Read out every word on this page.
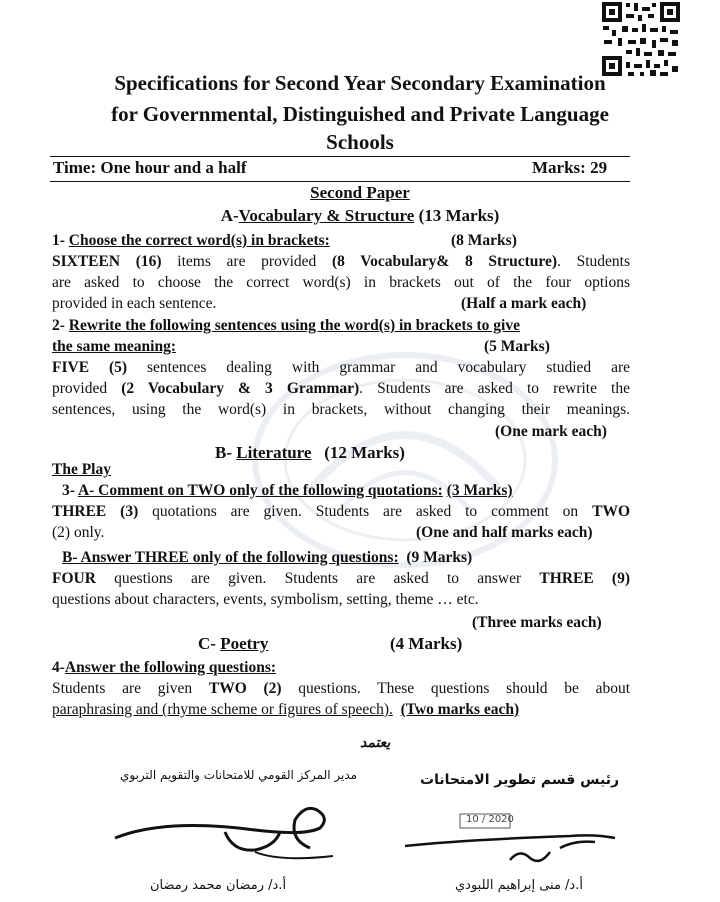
Specifications for Second Year Secondary Examination
for Governmental, Distinguished and Private Language
Schools
Time: One hour and a half	Marks: 29
Second Paper
A-Vocabulary & Structure (13 Marks)
1- Choose the correct word(s) in brackets:	(8 Marks)
SIXTEEN (16) items are provided (8 Vocabulary& 8 Structure). Students
are asked to choose the correct word(s) in brackets out of the four options
provided in each sentence.	(Half a mark each)
2- Rewrite the following sentences using the word(s) in brackets to give
the same meaning:	(5 Marks)
FIVE (5) sentences dealing with grammar and vocabulary studied are
provided (2 Vocabulary & 3 Grammar). Students are asked to rewrite the
sentences, using the word(s) in brackets, without changing their meanings.
(One mark each)
B- Literature (12 Marks)
The Play
3- A- Comment on TWO only of the following quotations: (3 Marks)
THREE (3) quotations are given. Students are asked to comment on TWO
(2) only.	(One and half marks each)
B- Answer THREE only of the following questions: (9 Marks)
FOUR questions are given. Students are asked to answer THREE (9)
questions about characters, events, symbolism, setting, theme … etc.
(Three marks each)
C- Poetry	(4 Marks)
4-Answer the following questions:
Students are given TWO (2) questions. These questions should be about
paraphrasing and (rhyme scheme or figures of speech). (Two marks each)
يعتمد
مدير المركز القومي للامتحانات والتقويم التربوي	رئيس قسم تطوير الامتحانات
10 / 2020
أ.د/ رمضان محمد رمضان	أ.د/ منى إبراهيم اللبودي
